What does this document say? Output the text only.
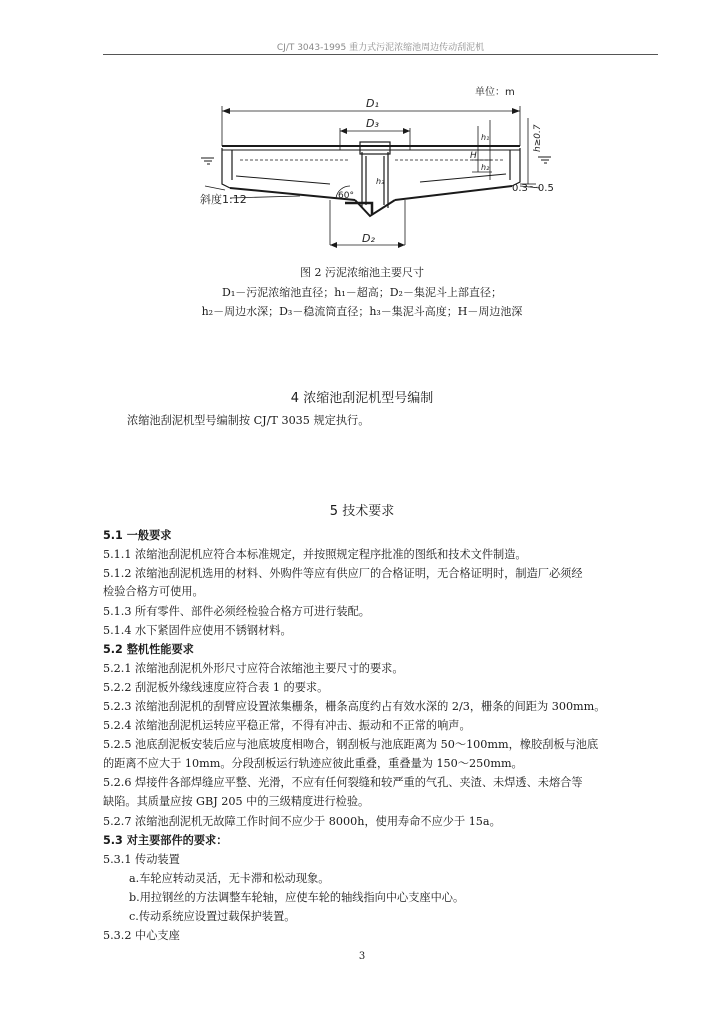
CJ/T 3043-1995 重力式污泥浓缩池周边传动刮泥机
单位：m
D₁
D₃
D₂
h₁
H
h₂
h≥0.7
h₃
斜度1:12	60°
0.3～0.5
图 2 污泥浓缩池主要尺寸
D₁－污泥浓缩池直径；h₁－超高；D₂－集泥斗上部直径；
h₂－周边水深；D₃－稳流筒直径；h₃－集泥斗高度；H－周边池深
4 浓缩池刮泥机型号编制
浓缩池刮泥机型号编制按 CJ/T 3035 规定执行。
5 技术要求
5.1 一般要求
5.1.1 浓缩池刮泥机应符合本标准规定，并按照规定程序批准的图纸和技术文件制造。
5.1.2 浓缩池刮泥机选用的材料、外购件等应有供应厂的合格证明，无合格证明时，制造厂必须经
检验合格方可使用。
5.1.3 所有零件、部件必须经检验合格方可进行装配。
5.1.4 水下紧固件应使用不锈钢材料。
5.2 整机性能要求
5.2.1 浓缩池刮泥机外形尺寸应符合浓缩池主要尺寸的要求。
5.2.2 刮泥板外缘线速度应符合表 1 的要求。
5.2.3 浓缩池刮泥机的刮臂应设置浓集栅条，栅条高度约占有效水深的 2/3，栅条的间距为 300mm。
5.2.4 浓缩池刮泥机运转应平稳正常，不得有冲击、振动和不正常的响声。
5.2.5 池底刮泥板安装后应与池底坡度相吻合，钢刮板与池底距离为 50～100mm，橡胶刮板与池底
的距离不应大于 10mm。分段刮板运行轨迹应彼此重叠，重叠量为 150～250mm。
5.2.6 焊接件各部焊缝应平整、光滑，不应有任何裂缝和较严重的气孔、夹渣、未焊透、未熔合等
缺陷。其质量应按 GBJ 205 中的三级精度进行检验。
5.2.7 浓缩池刮泥机无故障工作时间不应少于 8000h，使用寿命不应少于 15a。
5.3 对主要部件的要求：
5.3.1 传动装置
a.车轮应转动灵活，无卡滞和松动现象。
b.用拉钢丝的方法调整车轮轴，应使车轮的轴线指向中心支座中心。
c.传动系统应设置过载保护装置。
5.3.2 中心支座
3
